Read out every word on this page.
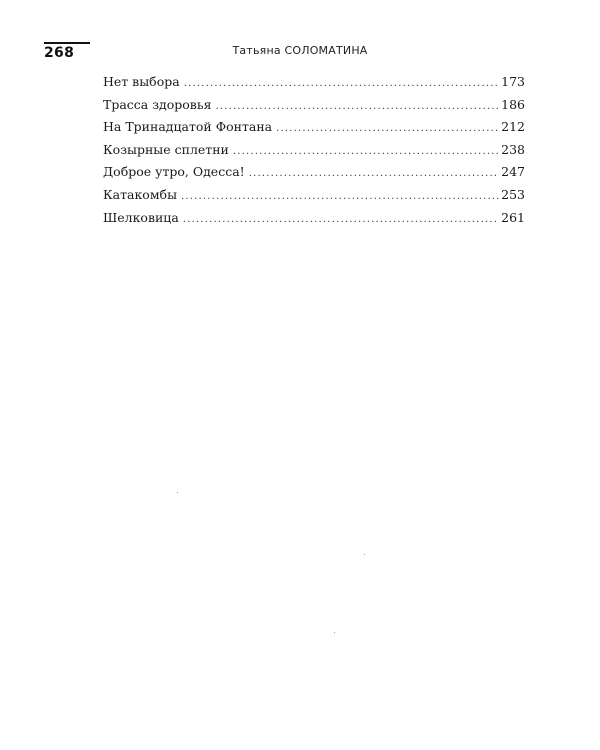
268	Татьяна СОЛОМАТИНА
Нет выбора .....	173
Трасса здоровья .....	186
На Тринадцатой Фонтана .....	212
Козырные сплетни .....	238
Доброе утро, Одесса! .....	247
Катакомбы .....	253
Шелковица .....	261
